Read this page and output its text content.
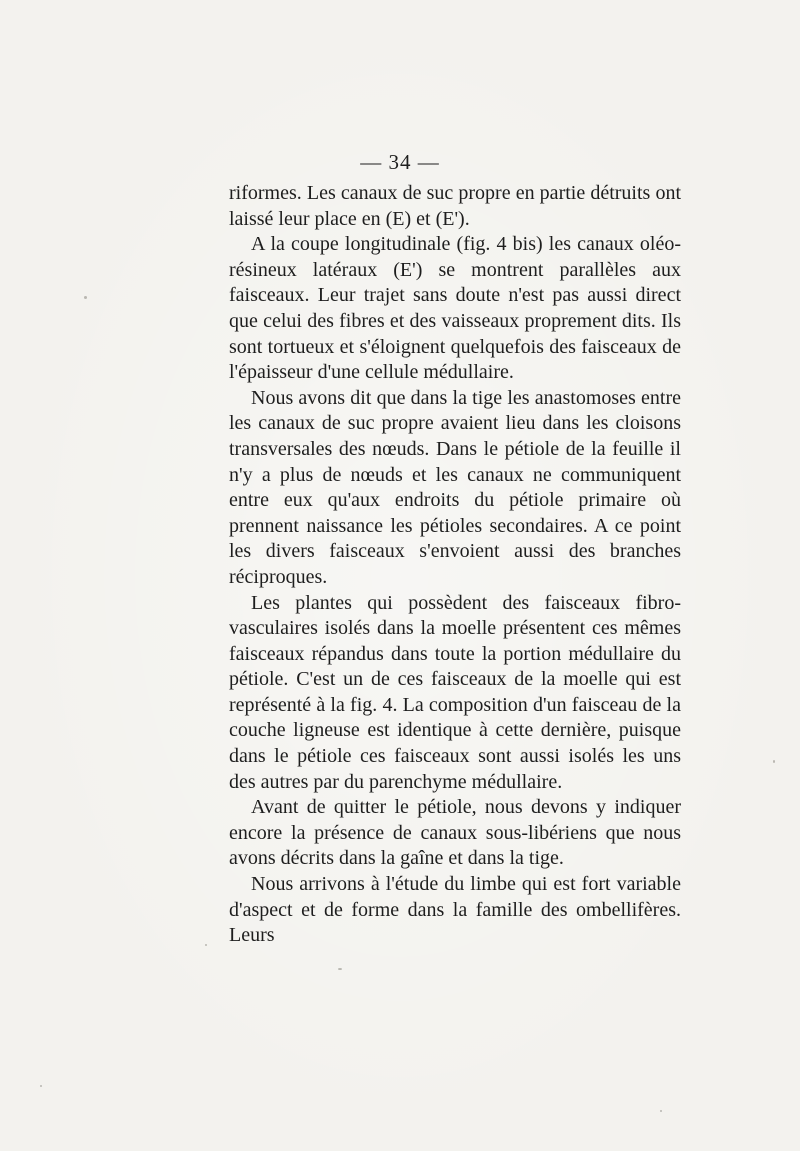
— 34 —

riformes. Les canaux de suc propre en partie détruits ont laissé leur place en (E) et (E').

A la coupe longitudinale (fig. 4 bis) les canaux oléo-résineux latéraux (E') se montrent parallèles aux faisceaux. Leur trajet sans doute n'est pas aussi direct que celui des fibres et des vaisseaux proprement dits. Ils sont tortueux et s'éloignent quelquefois des faisceaux de l'épaisseur d'une cellule médullaire.

Nous avons dit que dans la tige les anastomoses entre les canaux de suc propre avaient lieu dans les cloisons transversales des nœuds. Dans le pétiole de la feuille il n'y a plus de nœuds et les canaux ne communiquent entre eux qu'aux endroits du pétiole primaire où prennent naissance les pétioles secondaires. A ce point les divers faisceaux s'envoient aussi des branches réciproques.

Les plantes qui possèdent des faisceaux fibro-vasculaires isolés dans la moelle présentent ces mêmes faisceaux répandus dans toute la portion médullaire du pétiole. C'est un de ces faisceaux de la moelle qui est représenté à la fig. 4. La composition d'un faisceau de la couche ligneuse est identique à cette dernière, puisque dans le pétiole ces faisceaux sont aussi isolés les uns des autres par du parenchyme médullaire.

Avant de quitter le pétiole, nous devons y indiquer encore la présence de canaux sous-libériens que nous avons décrits dans la gaîne et dans la tige.

Nous arrivons à l'étude du limbe qui est fort variable d'aspect et de forme dans la famille des ombellifères. Leurs
